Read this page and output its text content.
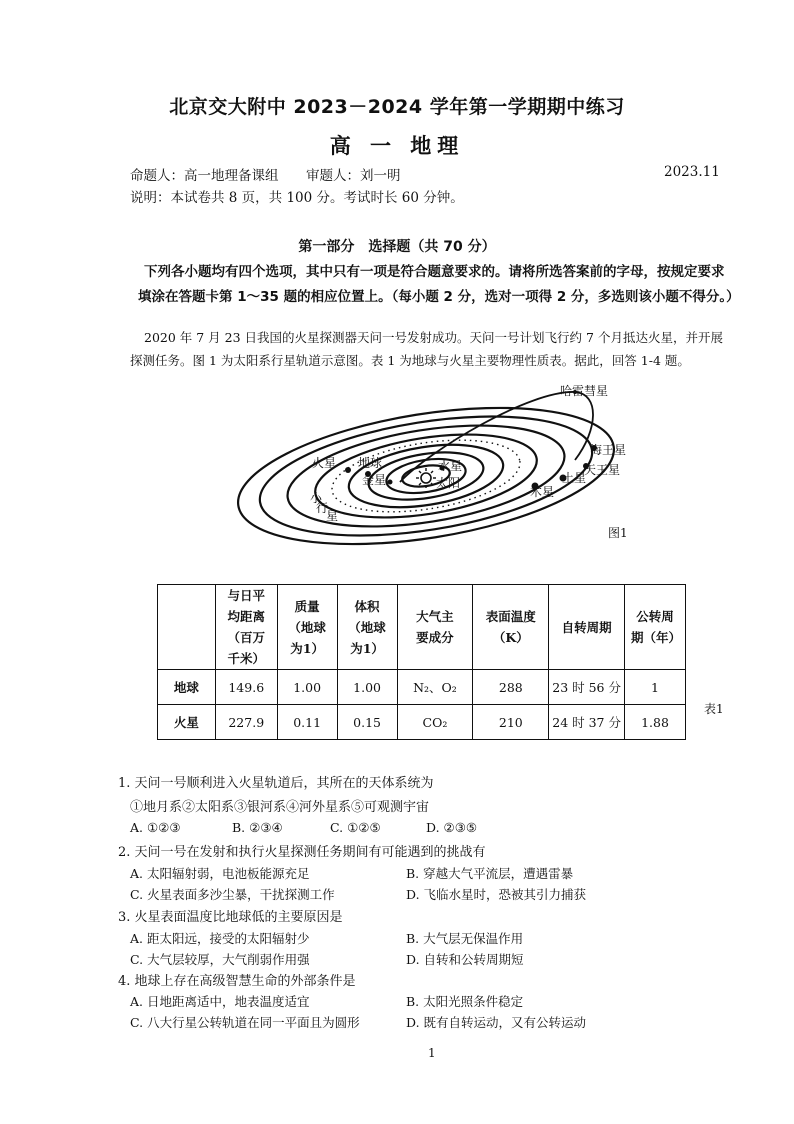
北京交大附中 2023－2024 学年第一学期期中练习
高 一 地理
命题人：高一地理备课组 审题人：刘一明	2023.11
说明：本试卷共 8 页，共 100 分。考试时长 60 分钟。
第一部分　选择题（共 70 分）
下列各小题均有四个选项，其中只有一项是符合题意要求的。请将所选答案前的字母，按规定要求填涂在答题卡第 1～35 题的相应位置上。（每小题 2 分，选对一项得 2 分，多选则该小题不得分。）
2020 年 7 月 23 日我国的火星探测器天问一号发射成功。天问一号计划飞行约 7 个月抵达火星，并开展探测任务。图 1 为太阳系行星轨道示意图。表 1 为地球与火星主要物理性质表。据此，回答 1-4 题。
哈雷彗星
海王星
天王星
土星
木星
火星 地球
金星
水星
太阳
小
行
星
图1
	与日平均距离（百万千米）	质量（地球为1）	体积（地球为1）	大气主要成分	表面温度（K）	自转周期	公转周期（年）
地球	149.6	1.00	1.00	N₂、O₂	288	23 时 56 分	1
火星	227.9	0.11	0.15	CO₂	210	24 时 37 分	1.88
表1
1. 天问一号顺利进入火星轨道后，其所在的天体系统为
①地月系②太阳系③银河系④河外星系⑤可观测宇宙
A. ①②③	B. ②③④	C. ①②⑤	D. ②③⑤
2. 天问一号在发射和执行火星探测任务期间有可能遇到的挑战有
A. 太阳辐射弱，电池板能源充足	B. 穿越大气平流层，遭遇雷暴
C. 火星表面多沙尘暴，干扰探测工作	D. 飞临水星时，恐被其引力捕获
3. 火星表面温度比地球低的主要原因是
A. 距太阳远，接受的太阳辐射少	B. 大气层无保温作用
C. 大气层较厚，大气削弱作用强	D. 自转和公转周期短
4. 地球上存在高级智慧生命的外部条件是
A. 日地距离适中，地表温度适宜	B. 太阳光照条件稳定
C. 八大行星公转轨道在同一平面且为圆形	D. 既有自转运动，又有公转运动
1
